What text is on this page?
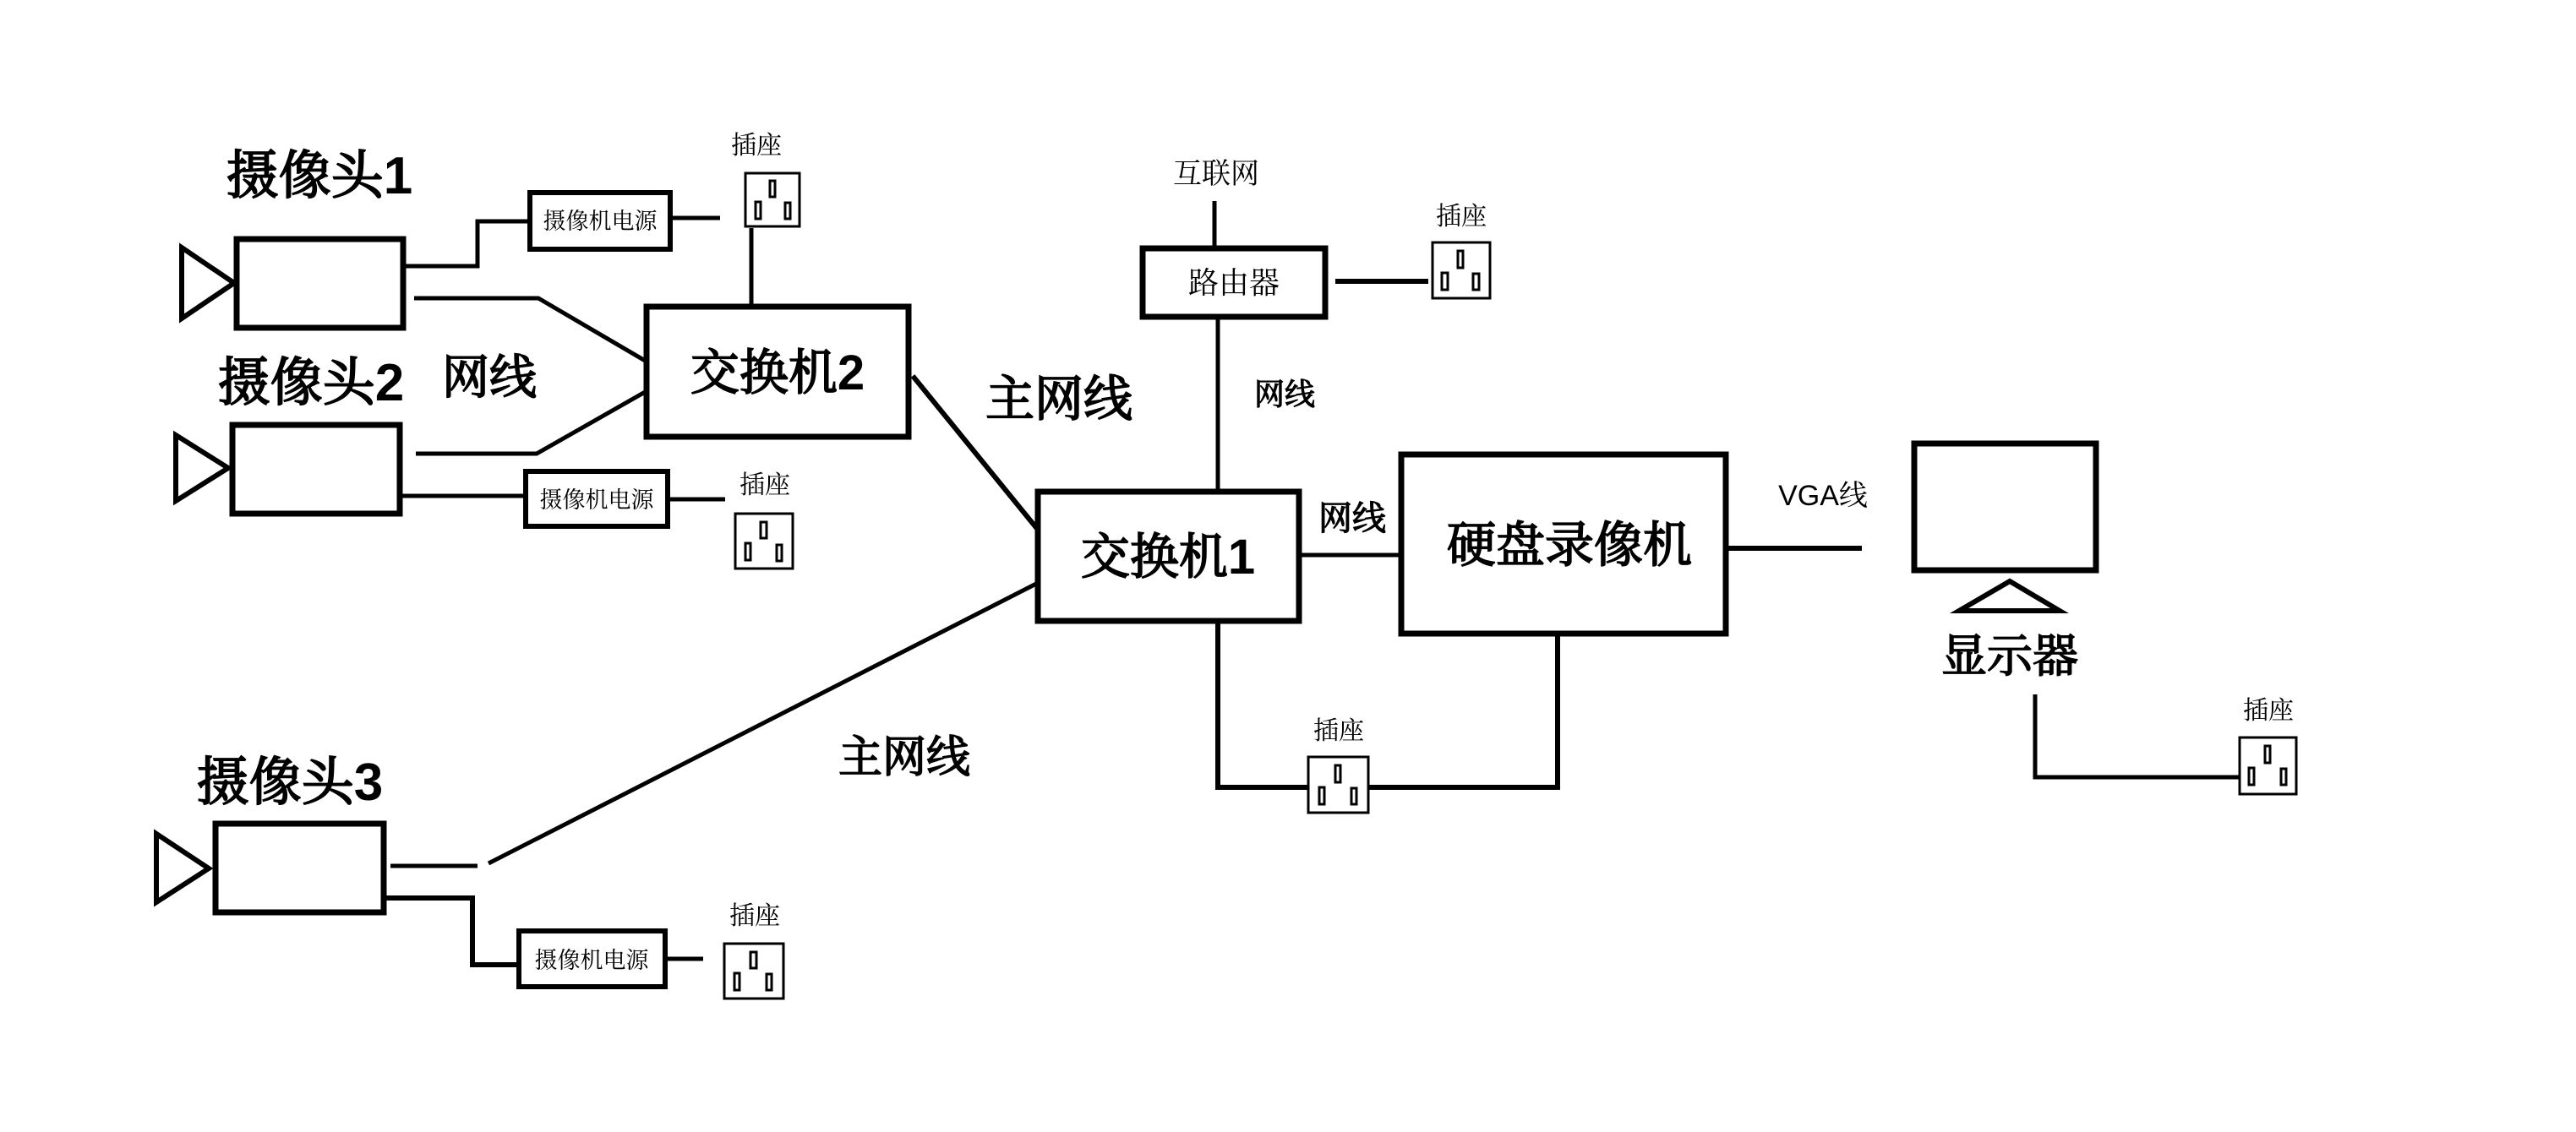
摄像头1
摄像头2
摄像头3
交换机2
交换机1	硬盘录像机
显示器
路由器
互联网
摄像机电源
摄像机电源
摄像机电源
插座
插座
插座
插座
插座
插座
网线	主网线
主网线
网线
网线
VGA线
